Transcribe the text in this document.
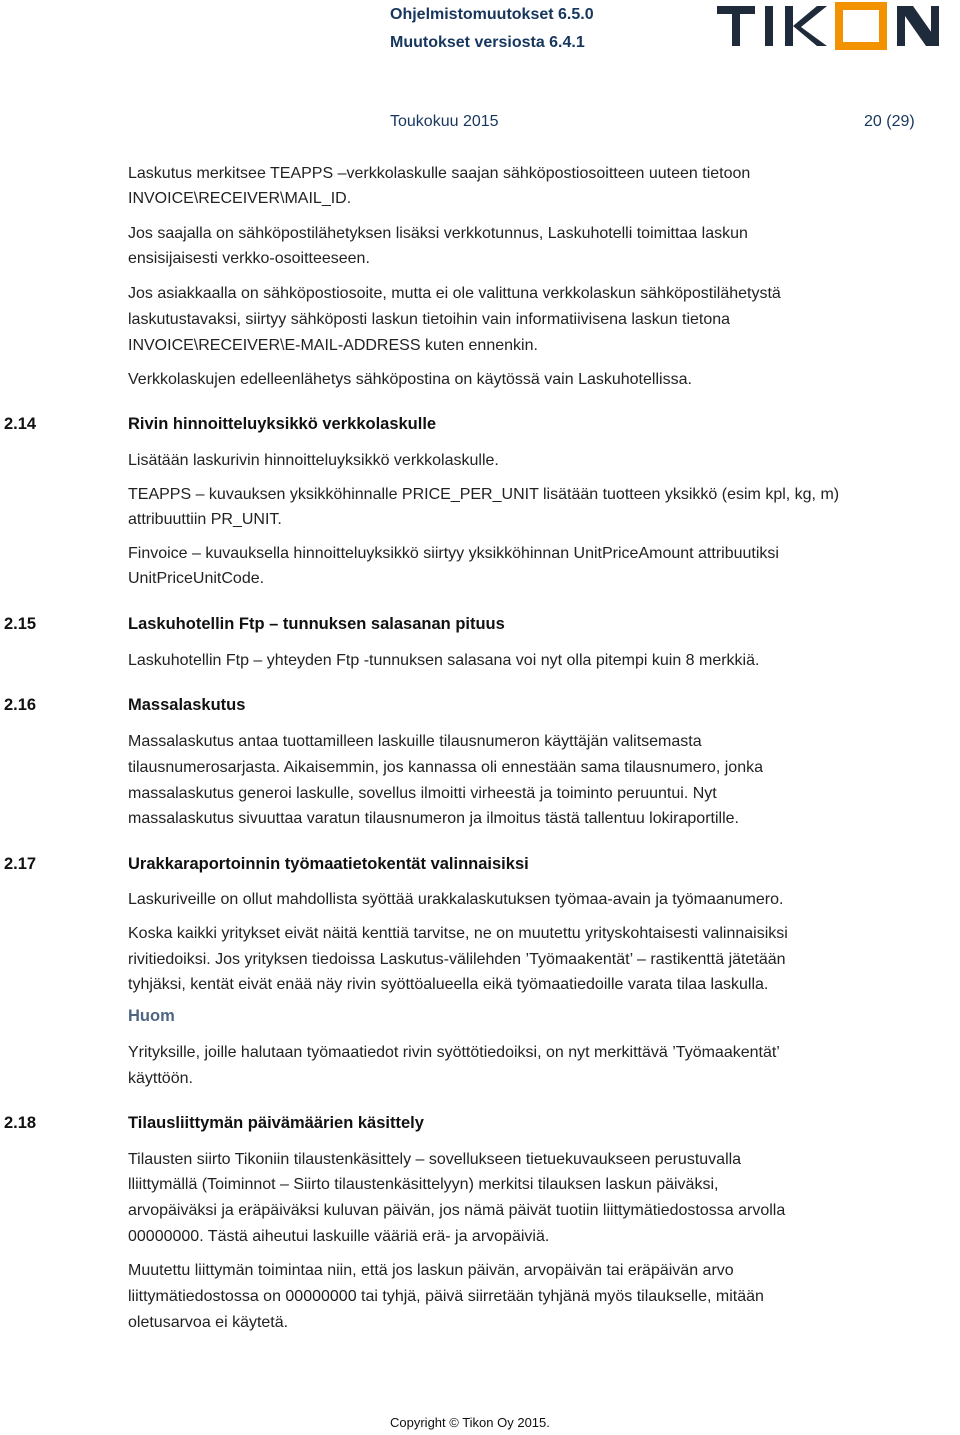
Ohjelmistomuutokset 6.5.0
Muutokset versiosta 6.4.1
Toukokuu 2015	20 (29)
Laskutus merkitsee TEAPPS –verkkolaskulle saajan sähköpostiosoitteen uuteen tietoon
INVOICE\RECEIVER\MAIL_ID.
Jos saajalla on sähköpostilähetyksen lisäksi verkkotunnus, Laskuhotelli toimittaa laskun
ensisijaisesti verkko-osoitteeseen.
Jos asiakkaalla on sähköpostiosoite, mutta ei ole valittuna verkkolaskun sähköpostilähetystä
laskutustavaksi, siirtyy sähköposti laskun tietoihin vain informatiivisena laskun tietona
INVOICE\RECEIVER\E-MAIL-ADDRESS kuten ennenkin.
Verkkolaskujen edelleenlähetys sähköpostina on käytössä vain Laskuhotellissa.
2.14	Rivin hinnoitteluyksikkö verkkolaskulle
Lisätään laskurivin hinnoitteluyksikkö verkkolaskulle.
TEAPPS – kuvauksen yksikköhinnalle PRICE_PER_UNIT lisätään tuotteen yksikkö (esim kpl, kg, m)
attribuuttiin PR_UNIT.
Finvoice – kuvauksella hinnoitteluyksikkö siirtyy yksikköhinnan UnitPriceAmount attribuutiksi
UnitPriceUnitCode.
2.15	Laskuhotellin Ftp – tunnuksen salasanan pituus
Laskuhotellin Ftp – yhteyden Ftp -tunnuksen salasana voi nyt olla pitempi kuin 8 merkkiä.
2.16	Massalaskutus
Massalaskutus antaa tuottamilleen laskuille tilausnumeron käyttäjän valitsemasta
tilausnumerosarjasta. Aikaisemmin, jos kannassa oli ennestään sama tilausnumero, jonka
massalaskutus generoi laskulle, sovellus ilmoitti virheestä ja toiminto peruuntui. Nyt
massalaskutus sivuuttaa varatun tilausnumeron ja ilmoitus tästä tallentuu lokiraportille.
2.17	Urakkaraportoinnin työmaatietokentät valinnaisiksi
Laskuriveille on ollut mahdollista syöttää urakkalaskutuksen työmaa-avain ja työmaanumero.
Koska kaikki yritykset eivät näitä kenttiä tarvitse, ne on muutettu yrityskohtaisesti valinnaisiksi
rivitiedoiksi. Jos yrityksen tiedoissa Laskutus-välilehden ’Työmaakentät’ – rastikenttä jätetään
tyhjäksi, kentät eivät enää näy rivin syöttöalueella eikä työmaatiedoille varata tilaa laskulla.
Huom
Yrityksille, joille halutaan työmaatiedot rivin syöttötiedoiksi, on nyt merkittävä ’Työmaakentät’
käyttöön.
2.18	Tilausliittymän päivämäärien käsittely
Tilausten siirto Tikoniin tilaustenkäsittely – sovellukseen tietuekuvaukseen perustuvalla
lliittymällä (Toiminnot – Siirto tilaustenkäsittelyyn) merkitsi tilauksen laskun päiväksi,
arvopäiväksi ja eräpäiväksi kuluvan päivän, jos nämä päivät tuotiin liittymätiedostossa arvolla
00000000. Tästä aiheutui laskuille vääriä erä- ja arvopäiviä.
Muutettu liittymän toimintaa niin, että jos laskun päivän, arvopäivän tai eräpäivän arvo
liittymätiedostossa on 00000000 tai tyhjä, päivä siirretään tyhjänä myös tilaukselle, mitään
oletusarvoa ei käytetä.
Copyright © Tikon Oy 2015.
